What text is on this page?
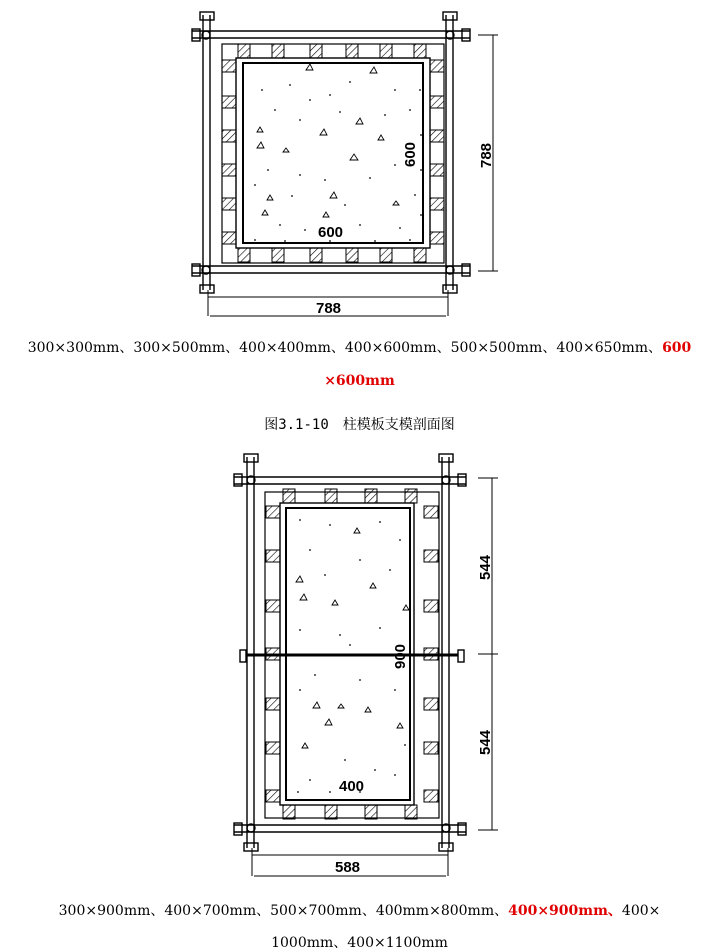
600
600
788
788
400
900
588
544
544
300×300mm、300×500mm、400×400mm、400×600mm、500×500mm、400×650mm、600
×600mm
图3.1-10　柱模板支模剖面图
300×900mm、400×700mm、500×700mm、400mm×800mm、400×900mm、400×
1000mm、400×1100mm
